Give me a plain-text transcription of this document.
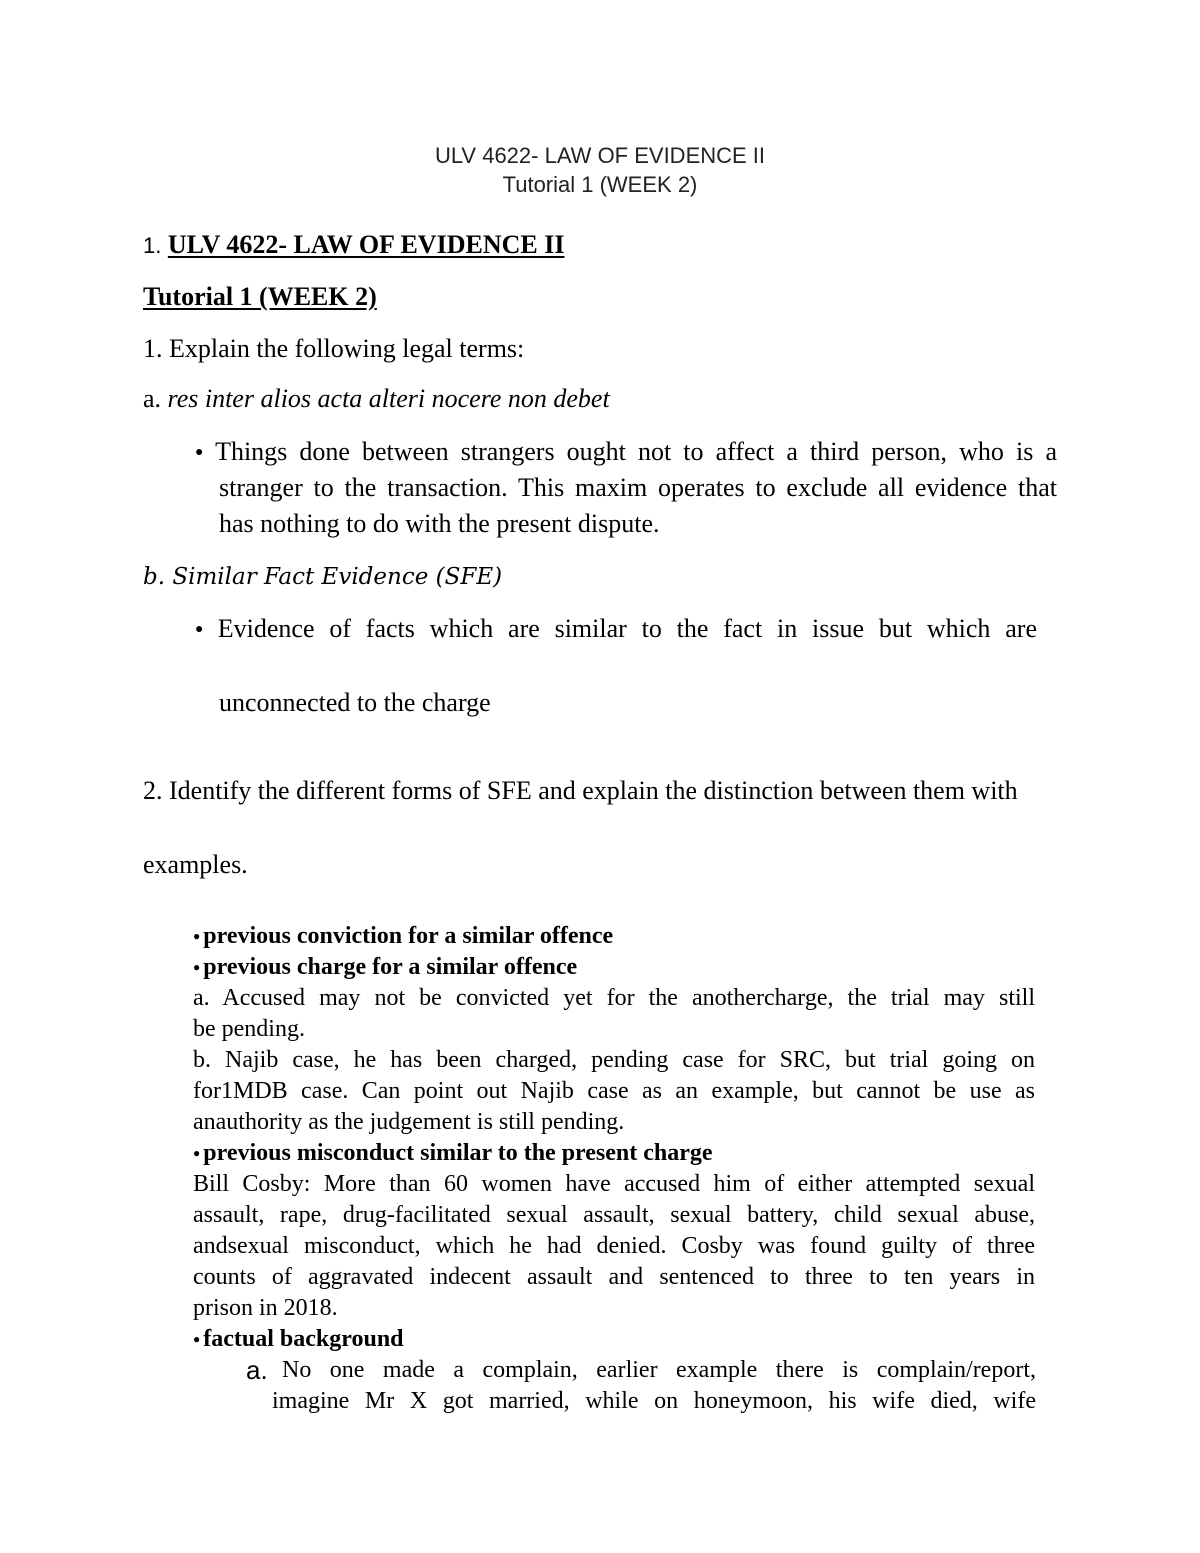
ULV 4622- LAW OF EVIDENCE II
Tutorial 1 (WEEK 2)
1. ULV 4622- LAW OF EVIDENCE II
Tutorial 1 (WEEK 2)
1. Explain the following legal terms:
a. res inter alios acta alteri nocere non debet
● Things done between strangers ought not to affect a third person, who is a
stranger to the transaction. This maxim operates to exclude all evidence that
has nothing to do with the present dispute.
b. Similar Fact Evidence (SFE)
● Evidence of facts which are similar to the fact in issue but which are
unconnected to the charge
2. Identify the different forms of SFE and explain the distinction between them with
examples.
● previous conviction for a similar offence
● previous charge for a similar offence
a. Accused may not be convicted yet for the anothercharge, the trial may still
be pending.
b. Najib case, he has been charged, pending case for SRC, but trial going on
for1MDB case. Can point out Najib case as an example, but cannot be use as
anauthority as the judgement is still pending.
● previous misconduct similar to the present charge
Bill Cosby: More than 60 women have accused him of either attempted sexual
assault, rape, drug-facilitated sexual assault, sexual battery, child sexual abuse,
andsexual misconduct, which he had denied. Cosby was found guilty of three
counts of aggravated indecent assault and sentenced to three to ten years in
prison in 2018.
● factual background
a. No one made a complain, earlier example there is complain/report,
imagine Mr X got married, while on honeymoon, his wife died, wife
